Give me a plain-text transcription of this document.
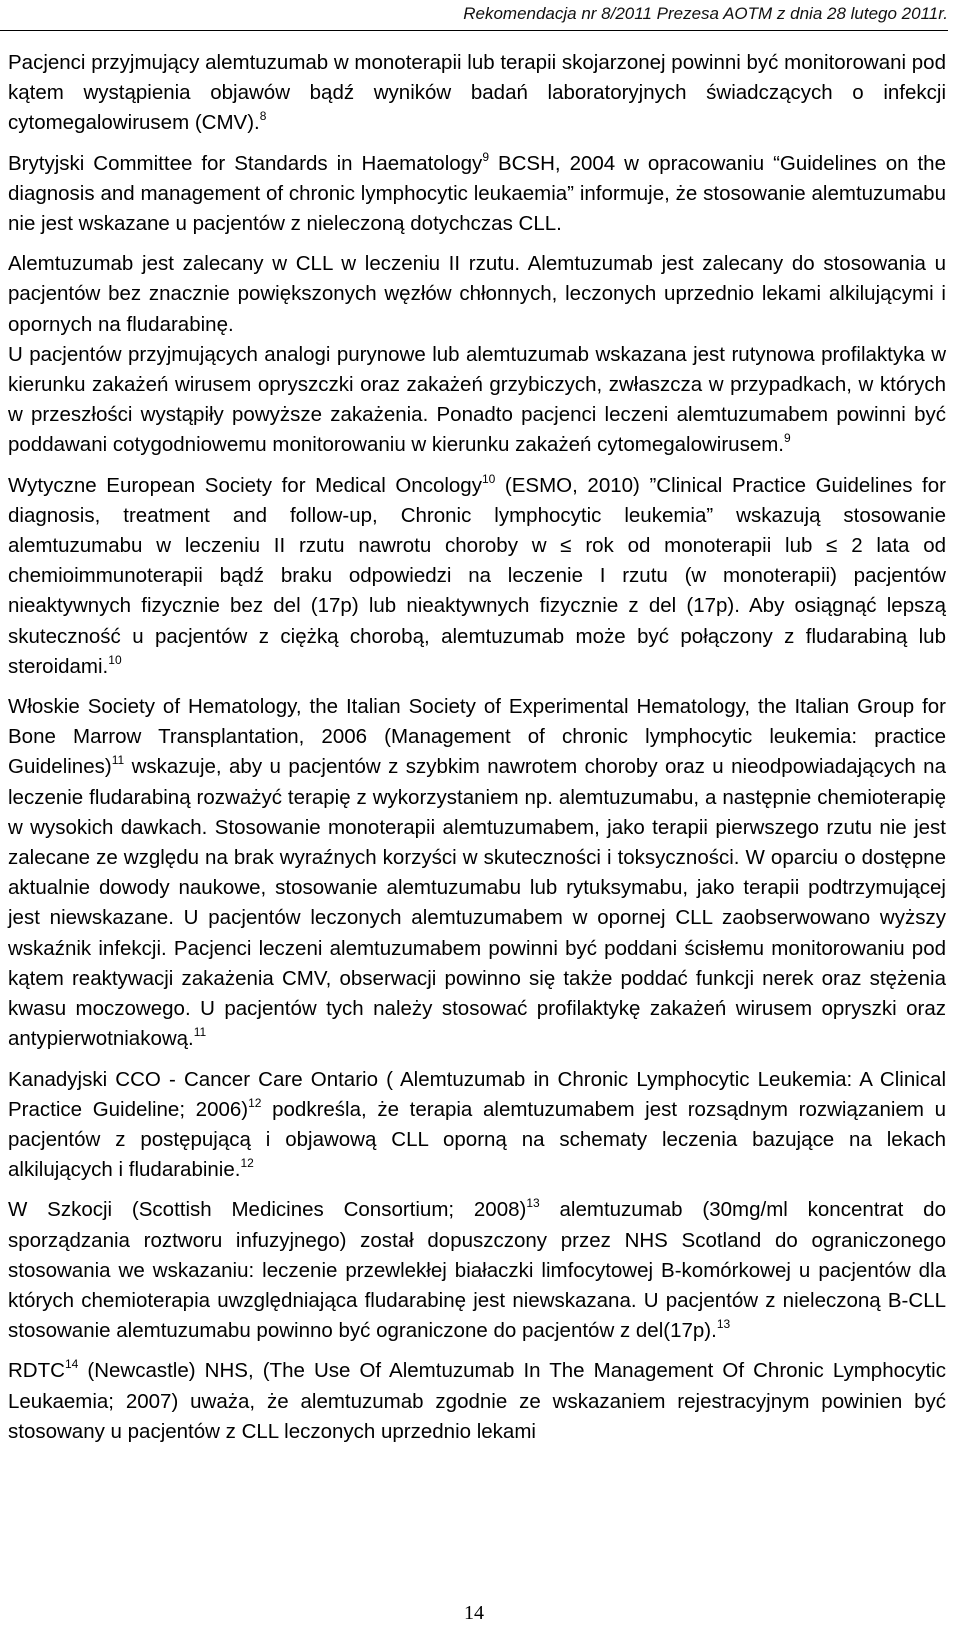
Rekomendacja nr 8/2011 Prezesa AOTM z dnia 28 lutego 2011r.

Pacjenci przyjmujący alemtuzumab w monoterapii lub terapii skojarzonej powinni być monitorowani pod kątem wystąpienia objawów bądź wyników badań laboratoryjnych świadczących o infekcji cytomegalowirusem (CMV).$^8$

Brytyjski Committee for Standards in Haematology$^9$ BCSH, 2004 w opracowaniu “Guidelines on the diagnosis and management of chronic lymphocytic leukaemia” informuje, że stosowanie alemtuzumabu nie jest wskazane u pacjentów z nieleczoną dotychczas CLL.

Alemtuzumab jest zalecany w CLL w leczeniu II rzutu. Alemtuzumab jest zalecany do stosowania u pacjentów bez znacznie powiększonych węzłów chłonnych, leczonych uprzednio lekami alkilującymi i opornych na fludarabinę.

U pacjentów przyjmujących analogi purynowe lub alemtuzumab wskazana jest rutynowa profilaktyka w kierunku zakażeń wirusem opryszczki oraz zakażeń grzybiczych, zwłaszcza w przypadkach, w których w przeszłości wystąpiły powyższe zakażenia. Ponadto pacjenci leczeni alemtuzumabem powinni być poddawani cotygodniowemu monitorowaniu w kierunku zakażeń cytomegalowirusem.$^9$

Wytyczne European Society for Medical Oncology$^{10}$ (ESMO, 2010) ”Clinical Practice Guidelines for diagnosis, treatment and follow-up, Chronic lymphocytic leukemia” wskazują stosowanie alemtuzumabu w leczeniu II rzutu nawrotu choroby w ≤ rok od monoterapii lub ≤ 2 lata od chemioimmunoterapii bądź braku odpowiedzi na leczenie I rzutu (w monoterapii) pacjentów nieaktywnych fizycznie bez del (17p) lub nieaktywnych fizycznie z del (17p). Aby osiągnąć lepszą skuteczność u pacjentów z ciężką chorobą, alemtuzumab może być połączony z fludarabiną lub steroidami.$^{10}$

Włoskie Society of Hematology, the Italian Society of Experimental Hematology, the Italian Group for Bone Marrow Transplantation, 2006 (Management of chronic lymphocytic leukemia: practice Guidelines)$^{11}$ wskazuje, aby u pacjentów z szybkim nawrotem choroby oraz u nieodpowiadających na leczenie fludarabiną rozważyć terapię z wykorzystaniem np. alemtuzumabu, a następnie chemioterapię w wysokich dawkach. Stosowanie monoterapii alemtuzumabem, jako terapii pierwszego rzutu nie jest zalecane ze względu na brak wyraźnych korzyści w skuteczności i toksyczności. W oparciu o dostępne aktualnie dowody naukowe, stosowanie alemtuzumabu lub rytuksymabu, jako terapii podtrzymującej jest niewskazane. U pacjentów leczonych alemtuzumabem w opornej CLL zaobserwowano wyższy wskaźnik infekcji. Pacjenci leczeni alemtuzumabem powinni być poddani ścisłemu monitorowaniu pod kątem reaktywacji zakażenia CMV, obserwacji powinno się także poddać funkcji nerek oraz stężenia kwasu moczowego. U pacjentów tych należy stosować profilaktykę zakażeń wirusem opryszki oraz antypierwotniakową.$^{11}$

Kanadyjski CCO - Cancer Care Ontario ( Alemtuzumab in Chronic Lymphocytic Leukemia: A Clinical Practice Guideline; 2006)$^{12}$ podkreśla, że terapia alemtuzumabem jest rozsądnym rozwiązaniem u pacjentów z postępującą i objawową CLL oporną na schematy leczenia bazujące na lekach alkilujących i fludarabinie.$^{12}$

W Szkocji (Scottish Medicines Consortium; 2008)$^{13}$ alemtuzumab (30mg/ml koncentrat do sporządzania roztworu infuzyjnego) został dopuszczony przez NHS Scotland do ograniczonego stosowania we wskazaniu: leczenie przewlekłej białaczki limfocytowej B-komórkowej u pacjentów dla których chemioterapia uwzględniająca fludarabinę jest niewskazana. U pacjentów z nieleczoną B-CLL stosowanie alemtuzumabu powinno być ograniczone do pacjentów z del(17p).$^{13}$

RDTC$^{14}$ (Newcastle) NHS, (The Use Of Alemtuzumab In The Management Of Chronic Lymphocytic Leukaemia; 2007) uważa, że alemtuzumab zgodnie ze wskazaniem rejestracyjnym powinien być stosowany u pacjentów z CLL leczonych uprzednio lekami

14
